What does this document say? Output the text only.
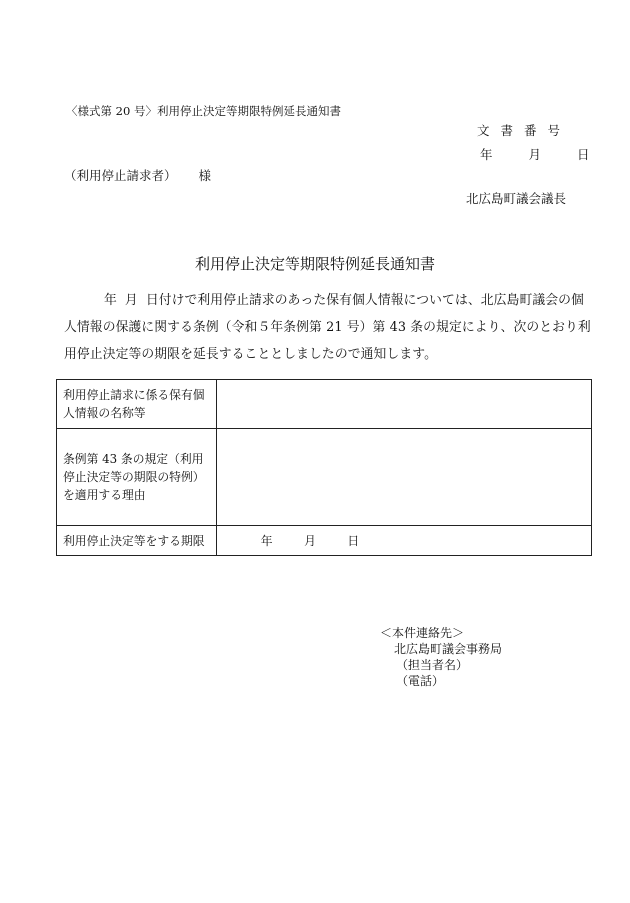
〈様式第 20 号〉利用停止決定等期限特例延長通知書
文書番号
年	月	日
（利用停止請求者） 様
北広島町議会議長
利用停止決定等期限特例延長通知書
年 月 日付けで利用停止請求のあった保有個人情報については、北広島町議会の個人情報の保護に関する条例（令和５年条例第 21 号）第 43 条の規定により、次のとおり利用停止決定等の期限を延長することとしましたので通知します。
利用停止請求に係る保有個人情報の名称等	
条例第 43 条の規定（利用停止決定等の期限の特例）を適用する理由	
利用停止決定等をする期限	年 月 日
＜本件連絡先＞
北広島町議会事務局
（担当者名）
（電話）
